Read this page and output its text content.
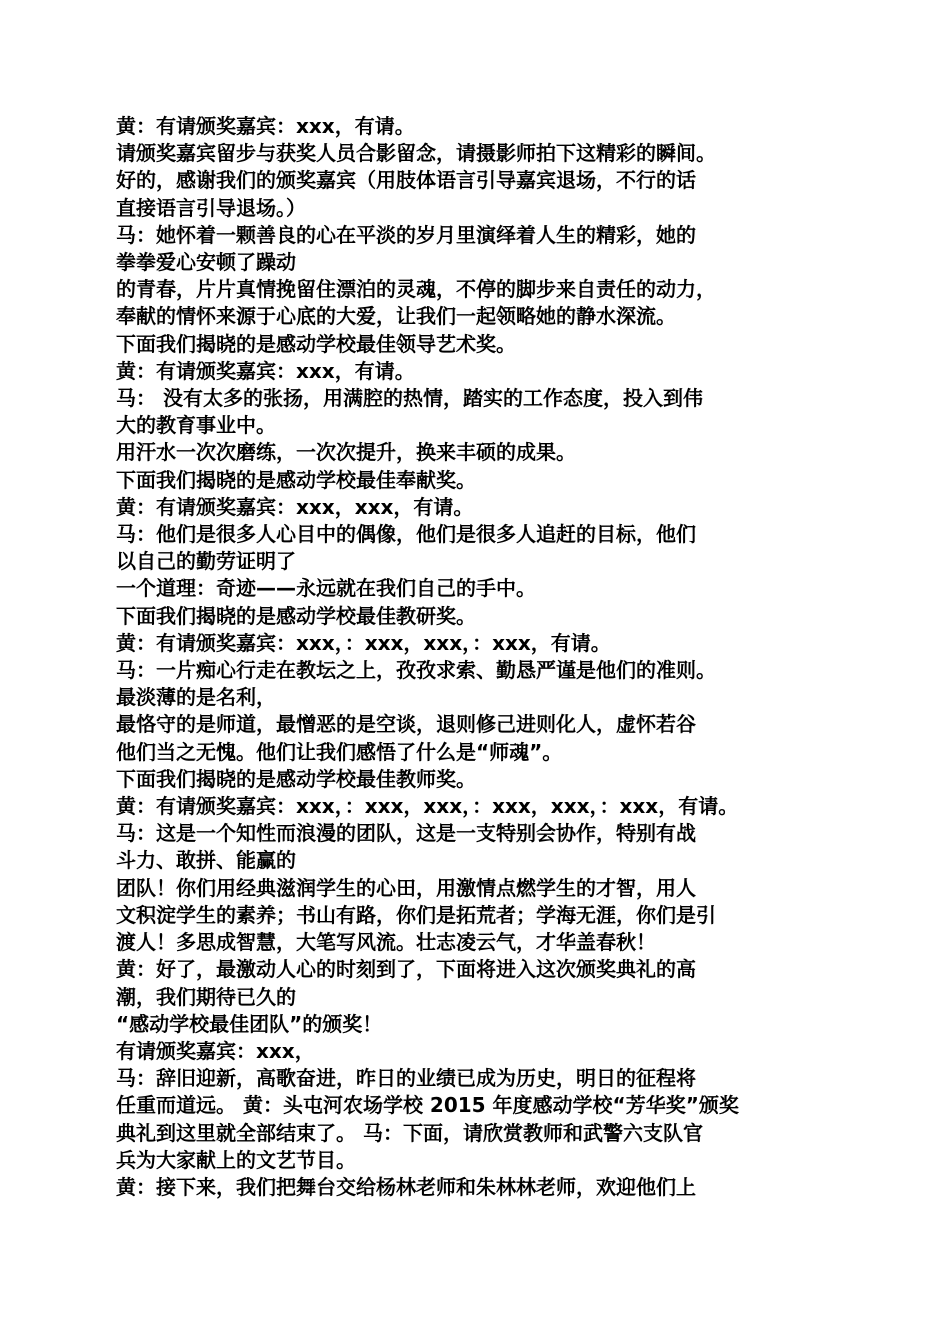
黄：有请颁奖嘉宾：xxx，有请。
请颁奖嘉宾留步与获奖人员合影留念，请摄影师拍下这精彩的瞬间。
好的，感谢我们的颁奖嘉宾（用肢体语言引导嘉宾退场，不行的话
直接语言引导退场。）
马：她怀着一颗善良的心在平淡的岁月里演绎着人生的精彩，她的
拳拳爱心安顿了躁动
的青春，片片真情挽留住漂泊的灵魂，不停的脚步来自责任的动力，
奉献的情怀来源于心底的大爱，让我们一起领略她的静水深流。
下面我们揭晓的是感动学校最佳领导艺术奖。
黄：有请颁奖嘉宾：xxx，有请。
马： 没有太多的张扬，用满腔的热情，踏实的工作态度，投入到伟
大的教育事业中。
用汗水一次次磨练，一次次提升，换来丰硕的成果。
下面我们揭晓的是感动学校最佳奉献奖。
黄：有请颁奖嘉宾：xxx，xxx，有请。
马：他们是很多人心目中的偶像，他们是很多人追赶的目标，他们
以自己的勤劳证明了
一个道理：奇迹——永远就在我们自己的手中。
下面我们揭晓的是感动学校最佳教研奖。
黄：有请颁奖嘉宾：xxx，：xxx，xxx，：xxx，有请。
马：一片痴心行走在教坛之上，孜孜求索、勤恳严谨是他们的准则。
最淡薄的是名利，
最恪守的是师道，最憎恶的是空谈，退则修己进则化人，虚怀若谷
他们当之无愧。他们让我们感悟了什么是“师魂”。
下面我们揭晓的是感动学校最佳教师奖。
黄：有请颁奖嘉宾：xxx，：xxx，xxx，：xxx，xxx，：xxx，有请。
马：这是一个知性而浪漫的团队，这是一支特别会协作，特别有战
斗力、敢拼、能赢的
团队！你们用经典滋润学生的心田，用激情点燃学生的才智，用人
文积淀学生的素养；书山有路，你们是拓荒者；学海无涯，你们是引
渡人！多思成智慧，大笔写风流。壮志凌云气，才华盖春秋！
黄：好了，最激动人心的时刻到了，下面将进入这次颁奖典礼的高
潮，我们期待已久的
“感动学校最佳团队”的颁奖！
有请颁奖嘉宾：xxx，
马：辞旧迎新，高歌奋进，昨日的业绩已成为历史，明日的征程将
任重而道远。 黄：头屯河农场学校 2015 年度感动学校“芳华奖”颁奖
典礼到这里就全部结束了。 马：下面，请欣赏教师和武警六支队官
兵为大家献上的文艺节目。
黄：接下来，我们把舞台交给杨林老师和朱林林老师，欢迎他们上
